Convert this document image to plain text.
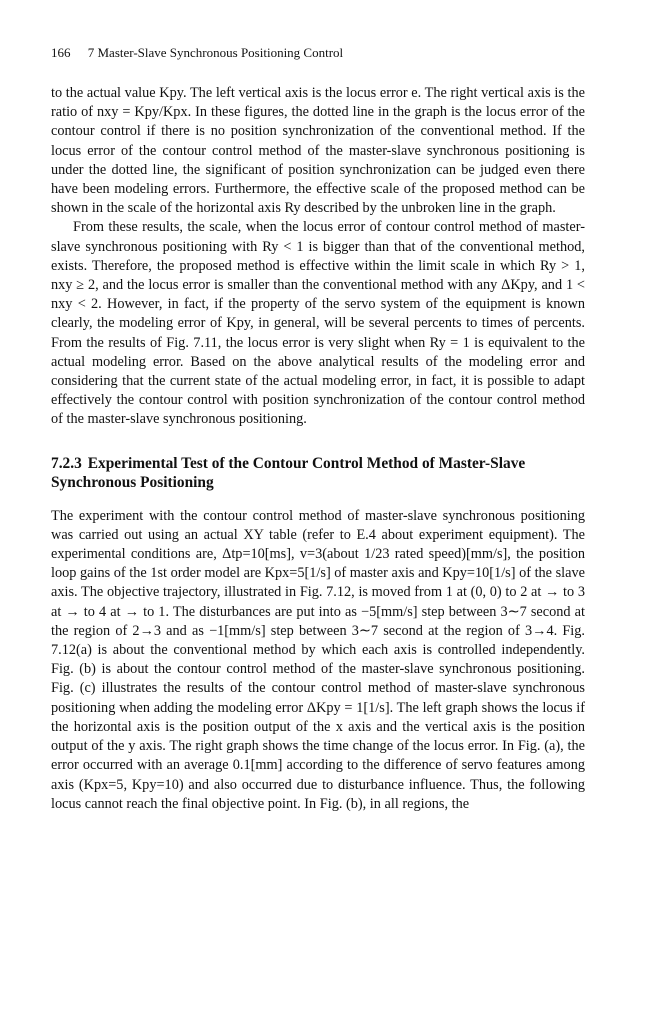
166 7 Master-Slave Synchronous Positioning Control

to the actual value Kpy. The left vertical axis is the locus error e. The right vertical axis is the ratio of nxy = Kpy/Kpx. In these figures, the dotted line in the graph is the locus error of the contour control if there is no position synchronization of the conventional method. If the locus error of the contour control method of the master-slave synchronous positioning is under the dotted line, the significant of position synchronization can be judged even there have been modeling errors. Furthermore, the effective scale of the proposed method can be shown in the scale of the horizontal axis Ry described by the unbroken line in the graph.

From these results, the scale, when the locus error of contour control method of master-slave synchronous positioning with Ry < 1 is bigger than that of the conventional method, exists. Therefore, the proposed method is effective within the limit scale in which Ry > 1, nxy ≥ 2, and the locus error is smaller than the conventional method with any ΔKpy, and 1 < nxy < 2. However, in fact, if the property of the servo system of the equipment is known clearly, the modeling error of Kpy, in general, will be several percents to times of percents. From the results of Fig. 7.11, the locus error is very slight when Ry = 1 is equivalent to the actual modeling error. Based on the above analytical results of the modeling error and considering that the current state of the actual modeling error, in fact, it is possible to adapt effectively the contour control with position synchronization of the contour control method of the master-slave synchronous positioning.

7.2.3 Experimental Test of the Contour Control Method of Master-Slave Synchronous Positioning

The experiment with the contour control method of master-slave synchronous positioning was carried out using an actual XY table (refer to E.4 about experiment equipment). The experimental conditions are, Δtp=10[ms], v=3(about 1/23 rated speed)[mm/s], the position loop gains of the 1st order model are Kpx=5[1/s] of master axis and Kpy=10[1/s] of the slave axis. The objective trajectory, illustrated in Fig. 7.12, is moved from 1 at (0, 0) to 2 at → to 3 at → to 4 at → to 1. The disturbances are put into as −5[mm/s] step between 3∼7 second at the region of 2→3 and as −1[mm/s] step between 3∼7 second at the region of 3→4. Fig. 7.12(a) is about the conventional method by which each axis is controlled independently. Fig. (b) is about the contour control method of the master-slave synchronous positioning. Fig. (c) illustrates the results of the contour control method of master-slave synchronous positioning when adding the modeling error ΔKpy = 1[1/s]. The left graph shows the locus if the horizontal axis is the position output of the x axis and the vertical axis is the position output of the y axis. The right graph shows the time change of the locus error. In Fig. (a), the error occurred with an average 0.1[mm] according to the difference of servo features among axis (Kpx=5, Kpy=10) and also occurred due to disturbance influence. Thus, the following locus cannot reach the final objective point. In Fig. (b), in all regions, the
